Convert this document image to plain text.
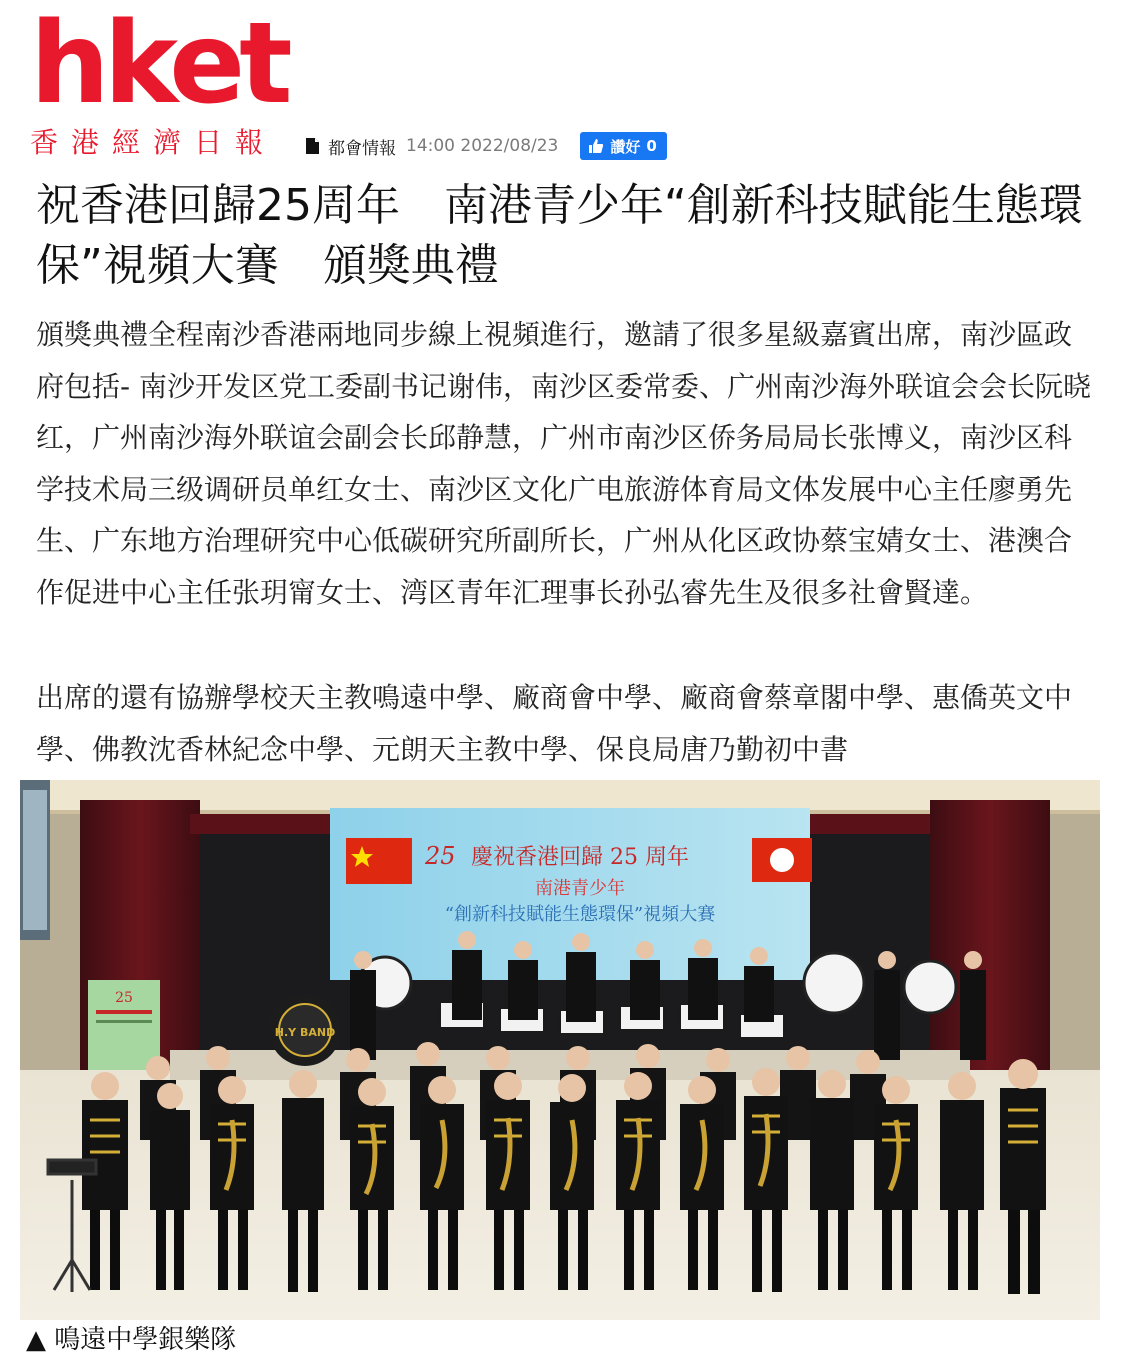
hket
香港經濟日報	都會情報 14:00 2022/08/23	讚好 0
祝香港回歸25周年　南港青少年“創新科技賦能生態環保”視頻大賽　頒獎典禮

頒獎典禮全程南沙香港兩地同步線上視頻進行，邀請了很多星級嘉賓出席，南沙區政府包括- 南沙开发区党工委副书记谢伟，南沙区委常委、广州南沙海外联谊会会长阮晓红，广州南沙海外联谊会副会长邱静慧，广州市南沙区侨务局局长张博义，南沙区科学技术局三级调研员单红女士、南沙区文化广电旅游体育局文体发展中心主任廖勇先生、广东地方治理研究中心低碳研究所副所长，广州从化区政协蔡宝婧女士、港澳合作促进中心主任张玥甯女士、湾区青年汇理事长孙弘睿先生及很多社會賢達。

出席的還有協辦學校天主教鳴遠中學、廠商會中學、廠商會蔡章閣中學、惠僑英文中學、佛教沈香林紀念中學、元朗天主教中學、保良局唐乃勤初中書

25 慶祝香港回歸 25 周年
南港青少年
“創新科技賦能生態環保”視頻大賽
25
H.Y BAND
▲ 鳴遠中學銀樂隊
